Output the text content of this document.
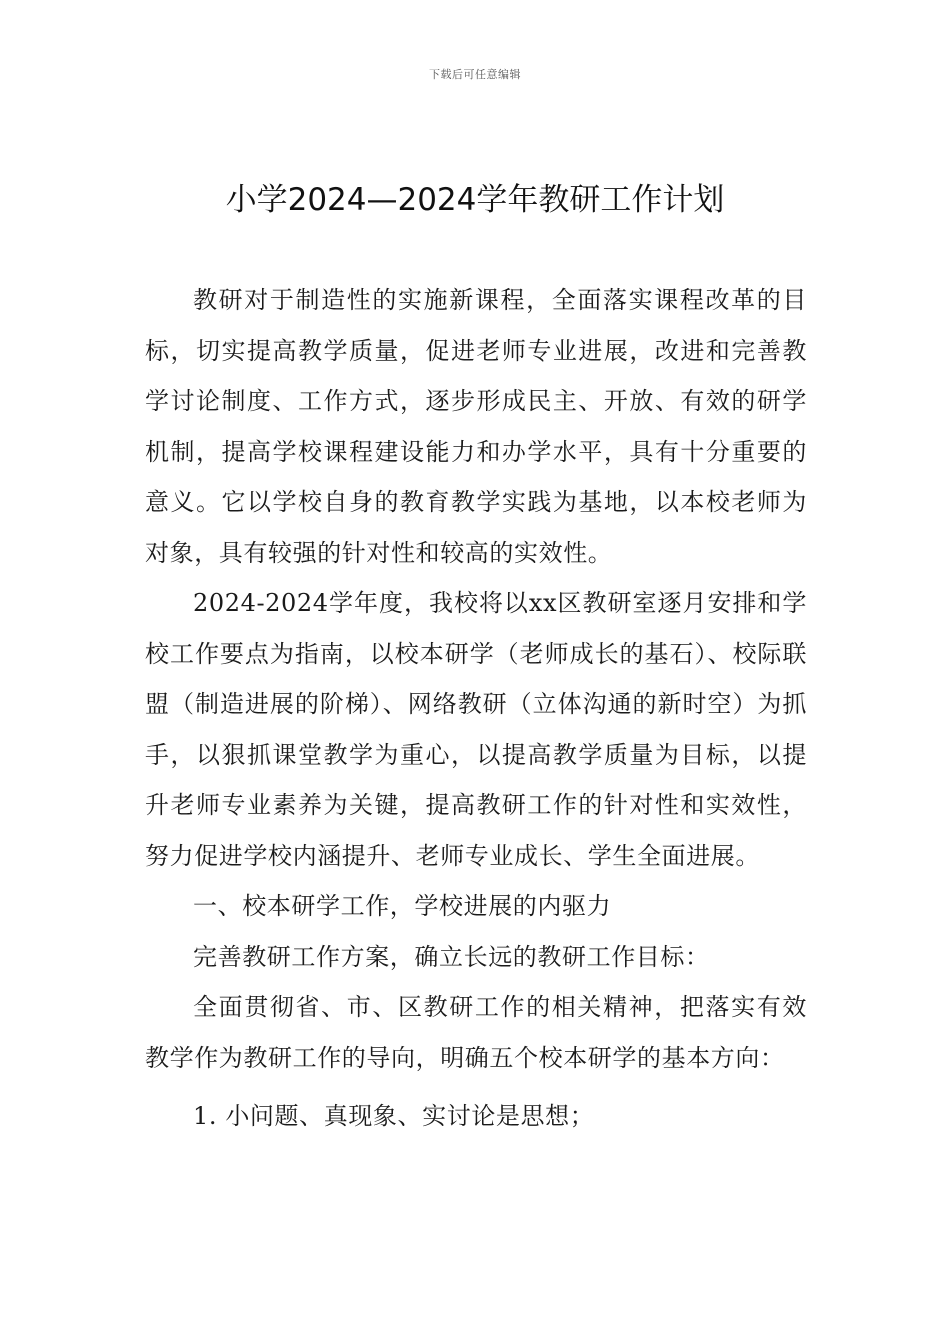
下载后可任意编辑
小学2024—2024学年教研工作计划

教研对于制造性的实施新课程，全面落实课程改革的目标，切实提高教学质量，促进老师专业进展，改进和完善教学讨论制度、工作方式，逐步形成民主、开放、有效的研学机制，提高学校课程建设能力和办学水平，具有十分重要的意义。它以学校自身的教育教学实践为基地，以本校老师为对象，具有较强的针对性和较高的实效性。

2024-2024学年度，我校将以xx区教研室逐月安排和学校工作要点为指南，以校本研学（老师成长的基石）、校际联盟（制造进展的阶梯）、网络教研（立体沟通的新时空）为抓手，以狠抓课堂教学为重心，以提高教学质量为目标，以提升老师专业素养为关键，提高教研工作的针对性和实效性，努力促进学校内涵提升、老师专业成长、学生全面进展。

一、校本研学工作，学校进展的内驱力

完善教研工作方案，确立长远的教研工作目标：

全面贯彻省、市、区教研工作的相关精神，把落实有效教学作为教研工作的导向，明确五个校本研学的基本方向：

1. 小问题、真现象、实讨论是思想；
